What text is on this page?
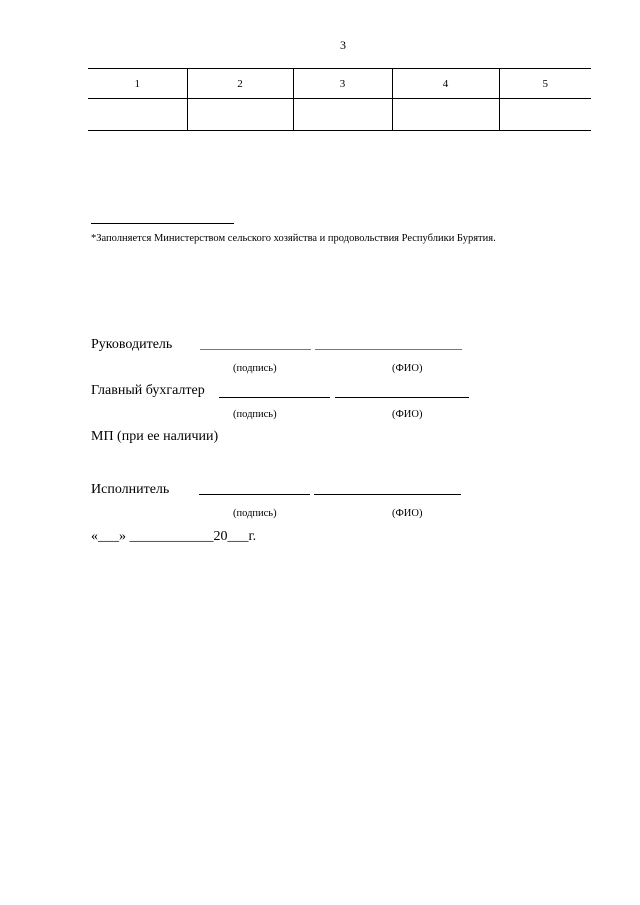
3
1	2	3	4	5

*Заполняется Министерством сельского хозяйства и продовольствия Республики Бурятия.
Руководитель
(подпись)	(ФИО)
Главный бухгалтер
(подпись)	(ФИО)
МП (при ее наличии)
Исполнитель
(подпись)	(ФИО)
«___» ____________20___г.
